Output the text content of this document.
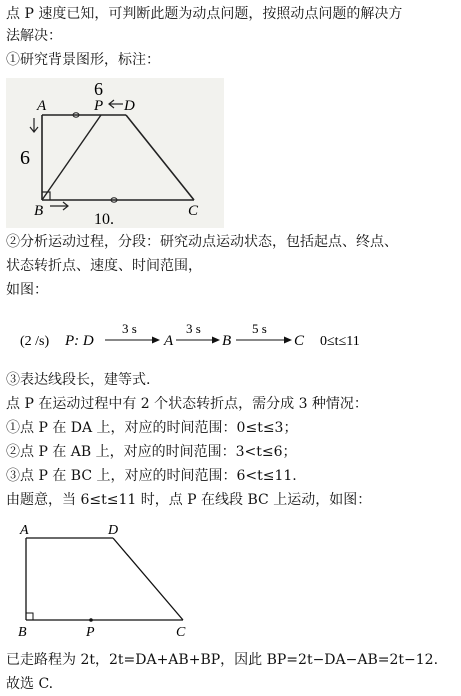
点 P 速度已知，可判断此题为动点问题，按照动点问题的解决方
法解决：
①研究背景图形，标注：
A	P D
B	C
6
6
10.
②分析运动过程，分段：研究动点运动状态，包括起点、终点、
状态转折点、速度、时间范围，
如图：
(2 /s) P: D
3 s
A
3 s
B
5 s
C 0≤t≤11
③表达线段长，建等式.
点 P 在运动过程中有 2 个状态转折点，需分成 3 种情况：
①点 P 在 DA 上，对应的时间范围：0≤t≤3；
②点 P 在 AB 上，对应的时间范围：3<t≤6；
③点 P 在 BC 上，对应的时间范围：6<t≤11.
由题意，当 6≤t≤11 时，点 P 在线段 BC 上运动，如图：
A	D
B	P	C
已走路程为 2t，2t=DA+AB+BP，因此 BP=2t−DA−AB=2t−12.
故选 C.
